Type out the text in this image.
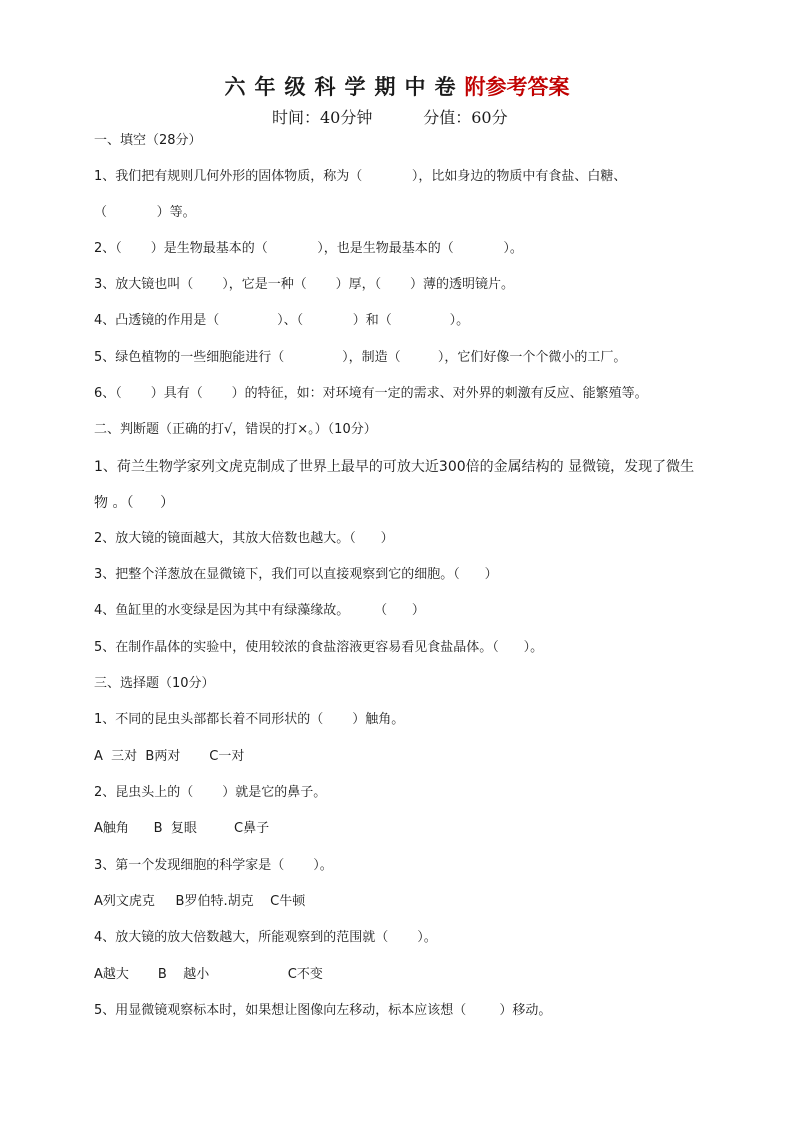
六年级科学期中卷附参考答案
时间：40分钟          分值：60分
一、填空（28分）
1、我们把有规则几何外形的固体物质，称为（            ），比如身边的物质中有食盐、白糖、
（            ）等。
2、（       ）是生物最基本的（            ），也是生物最基本的（            ）。
3、放大镜也叫（       ），它是一种（       ）厚，（       ）薄的透明镜片。
4、凸透镜的作用是（              ）、（            ）和（              ）。
5、绿色植物的一些细胞能进行（              ），制造（         ），它们好像一个个微小的工厂。
6、（       ）具有（       ）的特征，如：对环境有一定的需求、对外界的刺激有反应、能繁殖等。
二、判断题（正确的打√，错误的打×。）（10分）
1、荷兰生物学家列文虎克制成了世界上最早的可放大近300倍的金属结构的 显微镜，发现了微生
物 。（      ）
2、放大镜的镜面越大，其放大倍数也越大。（      ）
3、把整个洋葱放在显微镜下，我们可以直接观察到它的细胞。（      ）
4、鱼缸里的水变绿是因为其中有绿藻缘故。      （      ）
5、在制作晶体的实验中，使用较浓的食盐溶液更容易看见食盐晶体。（      ）。
三、选择题（10分）
1、不同的昆虫头部都长着不同形状的（       ）触角。
A  三对  B两对       C一对
2、昆虫头上的（       ）就是它的鼻子。
A触角      B  复眼         C鼻子
3、第一个发现细胞的科学家是（       ）。
A列文虎克     B罗伯特.胡克    C牛顿
4、放大镜的放大倍数越大，所能观察到的范围就（       ）。
A越大       B    越小                   C不变
5、用显微镜观察标本时，如果想让图像向左移动，标本应该想（        ）移动。
